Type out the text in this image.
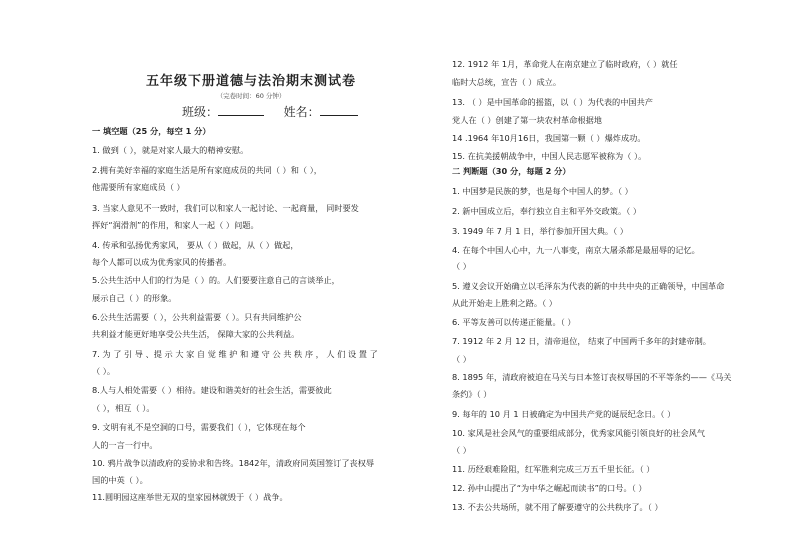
五年级下册道德与法治期末测试卷
（完卷时间：60 分钟）
班级：	姓名：
一 填空题（25 分，每空 1 分）
1. 做到（ ），就是对家人最大的精神安慰。
2.拥有美好幸福的家庭生活是所有家庭成员的共同（ ）和（ ），
他需要所有家庭成员（ ）
3. 当家人意见不一致时，我们可以和家人一起讨论、一起商量， 同时要发
挥好“润滑剂”的作用，和家人一起（ ）问题。
4. 传承和弘扬优秀家风， 要从（ ）做起，从（ ）做起，
每个人都可以成为优秀家风的传播者。
5.公共生活中人们的行为是（ ）的。人们要要注意自己的言谈举止，
展示自己（ ）的形象。
6.公共生活需要（ ），公共利益需要（ ）。只有共同维护公
共利益才能更好地享受公共生活， 保障大家的公共利益。
7. 为 了 引 导 、提 示 大 家 自 觉 维 护 和 遵 守 公 共 秩 序 ， 人 们 设 置 了
（ ）。
8.人与人相处需要（ ）相待。建设和谐美好的社会生活，需要彼此
（ ），相互（ ）。
9. 文明有礼不是空洞的口号，需要我们（ ），它体现在每个
人的一言一行中。
10. 鸦片战争以清政府的妥协求和告终。1842年，清政府同英国签订了丧权辱
国的中英（ ）。
11.圆明园这座举世无双的皇家园林就毁于（ ）战争。
12. 1912 年 1月，革命党人在南京建立了临时政府，（ ）就任
临时大总统，宣告（ ）成立。
13. （ ）是中国革命的摇篮，以（ ）为代表的中国共产
党人在（ ）创建了第一块农村革命根据地
14 .1964 年10月16日，我国第一颗（ ）爆炸成功。
15. 在抗美援朝战争中，中国人民志愿军被称为（ ）。
二 判断题（30 分，每题 2 分）
1. 中国梦是民族的梦，也是每个中国人的梦。（ ）
2. 新中国成立后，奉行独立自主和平外交政策。（ ）
3. 1949 年 7 月 1 日，举行参加开国大典。（ ）
4. 在每个中国人心中，九一八事变，南京大屠杀都是最屈辱的记忆。
（ ）
5. 遵义会议开始确立以毛泽东为代表的新的中共中央的正确领导，中国革命
从此开始走上胜利之路。（ ）
6. 平等友善可以传递正能量。（ ）
7. 1912 年 2 月 12 日，清帝退位， 结束了中国两千多年的封建帝制。
（ ）
8. 1895 年，清政府被迫在马关与日本签订丧权辱国的不平等条约——《马关
条约》（ ）
9. 每年的 10 月 1 日被确定为中国共产党的诞辰纪念日。（ ）
10. 家风是社会风气的重要组成部分，优秀家风能引领良好的社会风气
（ ）
11. 历经艰难险阻，红军胜利完成三万五千里长征。（ ）
12. 孙中山提出了“为中华之崛起而读书”的口号。（ ）
13. 不去公共场所，就不用了解要遵守的公共秩序了。（ ）
